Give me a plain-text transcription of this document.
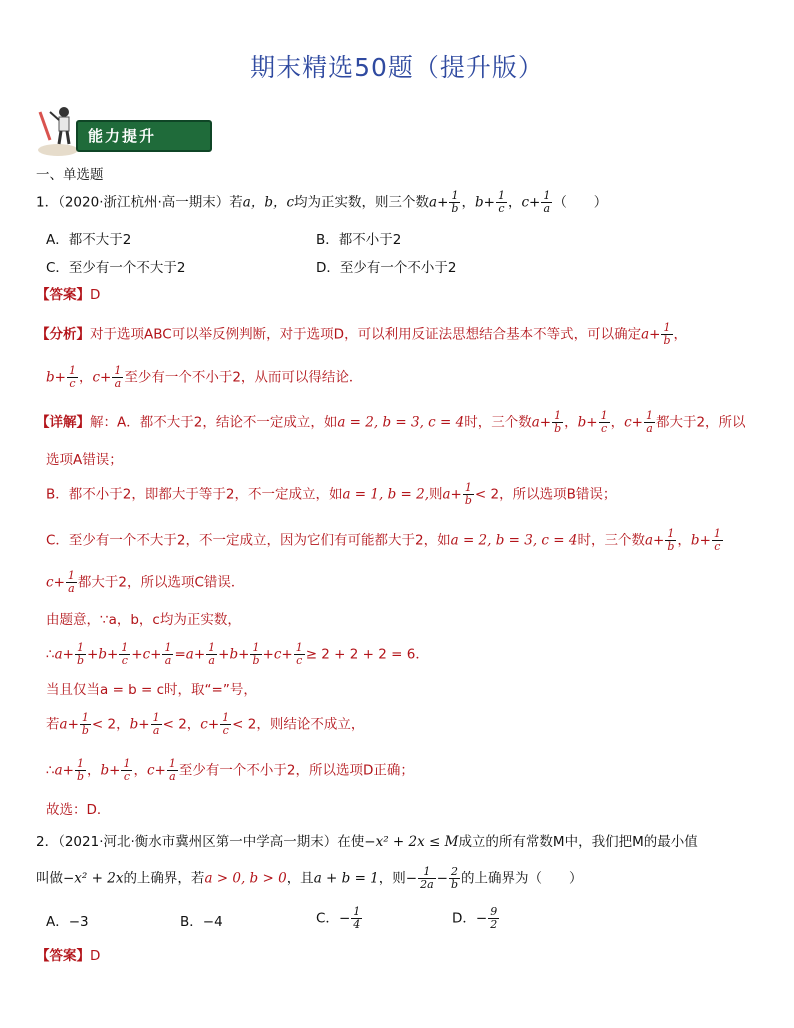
期末精选50题（提升版）
能力提升
一、单选题
1．（2020·浙江杭州·高一期末）若a，b，c均为正实数，则三个数$a+ \frac{1}{b}$ ，$b+ \frac{1}{c}$ ，$c+ \frac{1}{a}$ （　　）
A．都不大于2	B．都不小于2
C．至少有一个不大于2	D．至少有一个不小于2
【答案】D
【分析】对于选项ABC可以举反例判断，对于选项D，可以利用反证法思想结合基本不等式，可以确定$a+ \frac{1}{b}$ ，
$b+ \frac{1}{c}$ ，$c+ \frac{1}{a}$ 至少有一个不小于2，从而可以得结论．
【详解】解：A．都不大于2，结论不一定成立，如a = 2, b = 3, c = 4时，三个数$a+ \frac{1}{b}$ ，$b+ \frac{1}{c}$ ，$c+ \frac{1}{a}$ 都大于2，所以
选项A错误；
B．都不小于2，即都大于等于2，不一定成立，如a = 1, b = 2,则$a+ \frac{1}{b} < 2$，所以选项B错误；
C．至少有一个不大于2，不一定成立，因为它们有可能都大于2，如a = 2, b = 3, c = 4时，三个数$a+ \frac{1}{b}$ ，$b+ \frac{1}{c}$
$c+ \frac{1}{a}$ 都大于2，所以选项C错误．
由题意，∵a，b，c均为正实数，
∴a+ $\frac{1}{b} +b+ \frac{1}{c} +c+ \frac{1}{a} =a+ \frac{1}{a} +b+ \frac{1}{b} +c+ \frac{1}{c} \ge 2 + 2 + 2 = 6$．
当且仅当a = b = c时，取“=”号，
若$a+ \frac{1}{b} < 2$，$b+ \frac{1}{a} < 2$，$c+ \frac{1}{c} < 2$，则结论不成立，
∴a+ $\frac{1}{b}$ ，$b+ \frac{1}{c}$ ，$c+ \frac{1}{a}$ 至少有一个不小于2，所以选项D正确；
故选：D．
2．（2021·河北·衡水市冀州区第一中学高一期末）在使−x² + 2x ≤ M成立的所有常数M中，我们把M的最小值
叫做−x² + 2x的上确界，若a > 0, b > 0，且a + b = 1，则− $\frac{1}{2a} - \frac{2}{b}$ 的上确界为（　　）
A．−3	B．−4	C．− $\frac{1}{4}$	D．− $\frac{9}{2}$
【答案】D
